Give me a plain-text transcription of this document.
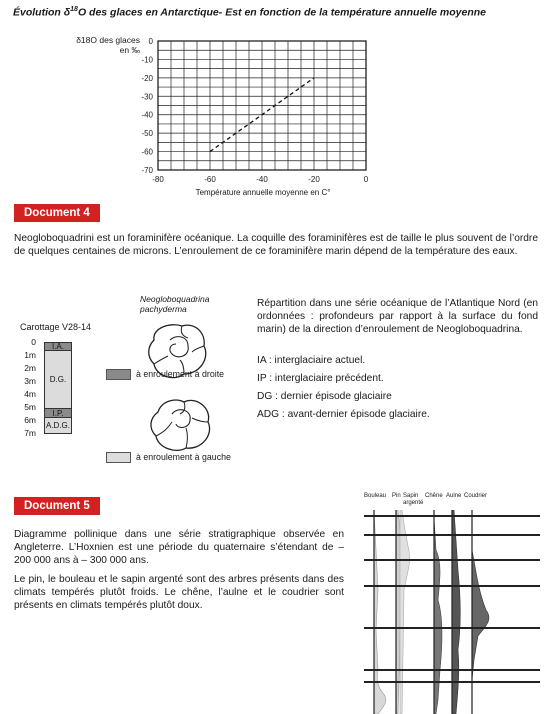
Évolution $\delta^{18}O$ des glaces en Antarctique- Est en fonction de la température annuelle moyenne
δ18O des glaces
en ‰
-80	-60	-40	-20	0
0
-10
-20
-30
-40
-50
-60
-70
Température annuelle moyenne en C°
Document 4
Neogloboquadrini est un foraminifère océanique. La coquille des foraminifères est de taille le plus souvent de l’ordre de quelques centaines de microns. L’enroulement de ce foraminifère marin dépend de la température des eaux.
Neogloboquadrina
pachyderma
Carottage V28-14
0
1m
2m
3m
4m
5m
6m
7m
I.A.
D.G.
I.P.
A.D.G.
à enroulement à droite
à enroulement à gauche
Répartition dans une série océanique de l’Atlantique Nord (en ordonnées : profondeurs par rapport à la surface du fond marin) de la direction d’enroulement de Neogloboquadrina.
IA : interglaciaire actuel.
IP : interglaciaire précédent.
DG : dernier épisode glaciaire
ADG : avant-dernier épisode glaciaire.
Document 5
Diagramme pollinique dans une série stratigraphique observée en Angleterre. L’Hoxnien est une période du quaternaire s’étendant de – 200 000 ans à – 300 000 ans.
Le pin, le bouleau et le sapin argenté sont des arbres présents dans des climats tempérés plutôt froids. Le chêne, l’aulne et le coudrier sont présents en climats tempérés plutôt doux.
Bouleau Pin Sapin argenté
Chêne Aulne Coudrier
